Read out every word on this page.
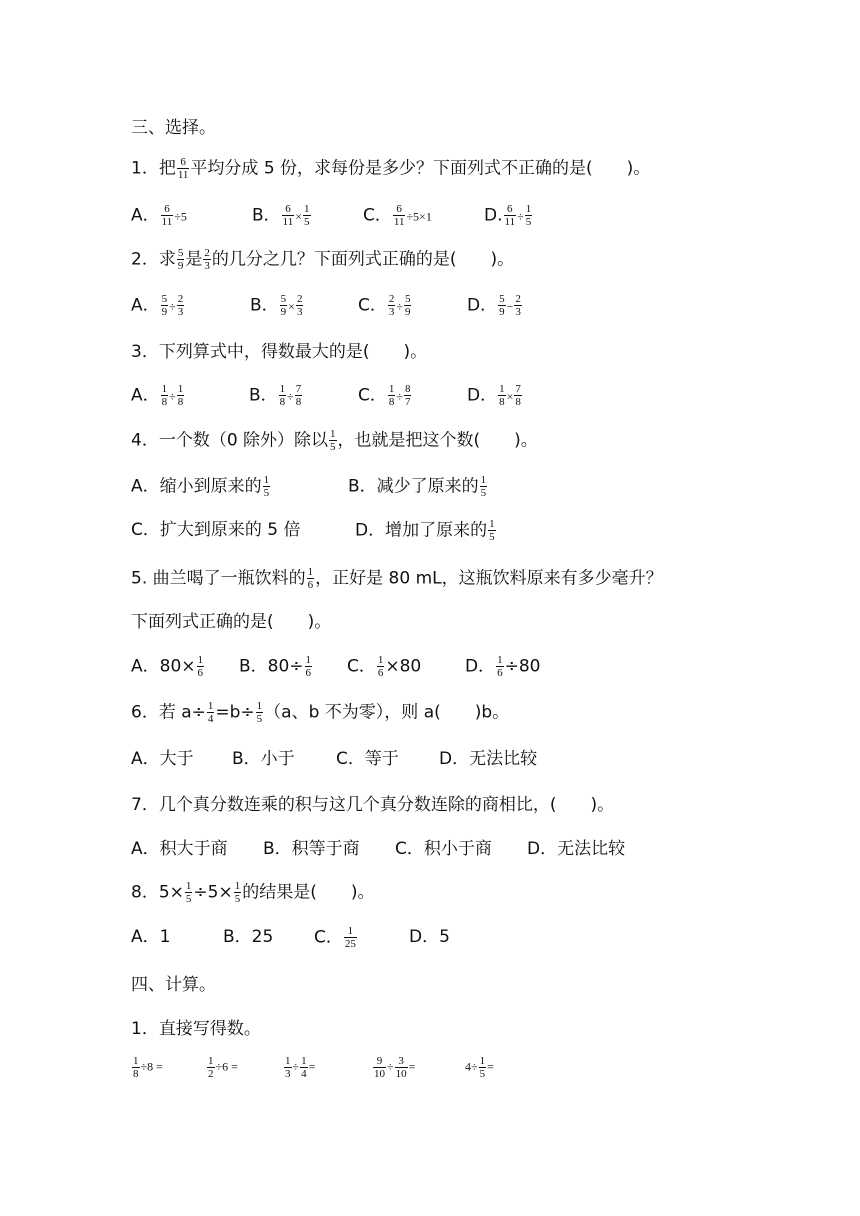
三、选择。
1．把 $\frac{6}{11}$ 平均分成 5 份，求每份是多少？下面列式不正确的是(　　)。
A． $\frac{6}{11} \div 5$	B． $\frac{6}{11} \times \frac{1}{5}$	C． $\frac{6}{11} \div 5\times 1$	D. $\frac{6}{11} \div \frac{1}{5}$
2．求 $\frac{5}{9}$ 是 $\frac{2}{3}$ 的几分之几？下面列式正确的是(　　)。
A． $\frac{5}{9} \div \frac{2}{3}$	B． $\frac{5}{9} \times \frac{2}{3}$	C． $\frac{2}{3} \div \frac{5}{9}$	D． $\frac{5}{9} - \frac{2}{3}$
3．下列算式中，得数最大的是(　　)。
A． $\frac{1}{8} \div \frac{1}{8}$	B． $\frac{1}{8} \div \frac{7}{8}$	C． $\frac{1}{8} \div \frac{8}{7}$	D． $\frac{1}{8} \times \frac{7}{8}$
4．一个数（0 除外）除以 $\frac{1}{5}$ ，也就是把这个数(　　)。
A．缩小到原来的 $\frac{1}{5}$	B．减少了原来的 $\frac{1}{5}$
C．扩大到原来的 5 倍	D．增加了原来的 $\frac{1}{5}$
5. 曲兰喝了一瓶饮料的 $\frac{1}{6}$ ，正好是 80 mL，这瓶饮料原来有多少毫升？
下面列式正确的是(　　)。
A．$80\times \frac{1}{6}$ B．$80\div \frac{1}{6}$ C． $\frac{1}{6} \times 80$	D． $\frac{1}{6} \div 80$
6．若 $a\div \frac{1}{4} =b\div \frac{1}{5} (a$、b 不为零），则 a(　　)b。
A．大于 B．小于 C．等于 D．无法比较
7．几个真分数连乘的积与这几个真分数连除的商相比，(　　)。
A．积大于商 B．积等于商 C．积小于商 D．无法比较
8．$5\times \frac{1}{5} \div 5\times \frac{1}{5}$ 的结果是(　　)。
A．1	B．25 C． $\frac{1}{25}$	D．5
四、计算。
1．直接写得数。
$\frac{1}{8} \div 8$ =	$\frac{1}{2} \div 6$ =	$\frac{1}{3} \div \frac{1}{4}$ =	$\frac{9}{10} \div \frac{3}{10}$ =	$4\div \frac{1}{5}$ =
